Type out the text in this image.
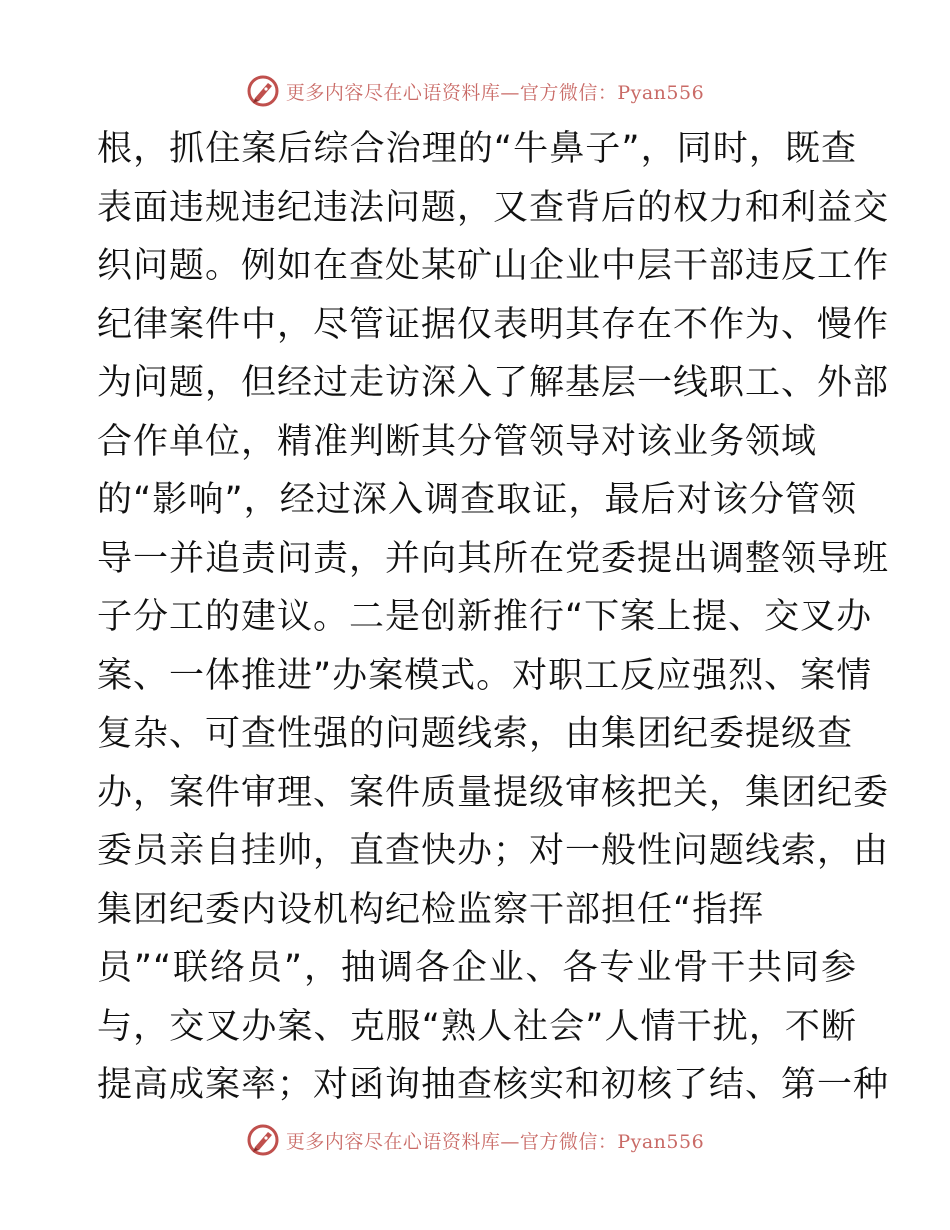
更多内容尽在心语资料库—官方微信：Pyan556
根，抓住案后综合治理的“牛鼻子”，同时，既查
表面违规违纪违法问题，又查背后的权力和利益交
织问题。例如在查处某矿山企业中层干部违反工作
纪律案件中，尽管证据仅表明其存在不作为、慢作
为问题，但经过走访深入了解基层一线职工、外部
合作单位，精准判断其分管领导对该业务领域
的“影响”，经过深入调查取证，最后对该分管领
导一并追责问责，并向其所在党委提出调整领导班
子分工的建议。二是创新推行“下案上提、交叉办
案、一体推进”办案模式。对职工反应强烈、案情
复杂、可查性强的问题线索，由集团纪委提级查
办，案件审理、案件质量提级审核把关，集团纪委
委员亲自挂帅，直查快办；对一般性问题线索，由
集团纪委内设机构纪检监察干部担任“指挥
员”“联络员”，抽调各企业、各专业骨干共同参
与，交叉办案、克服“熟人社会”人情干扰，不断
提高成案率；对函询抽查核实和初核了结、第一种
更多内容尽在心语资料库—官方微信：Pyan556
